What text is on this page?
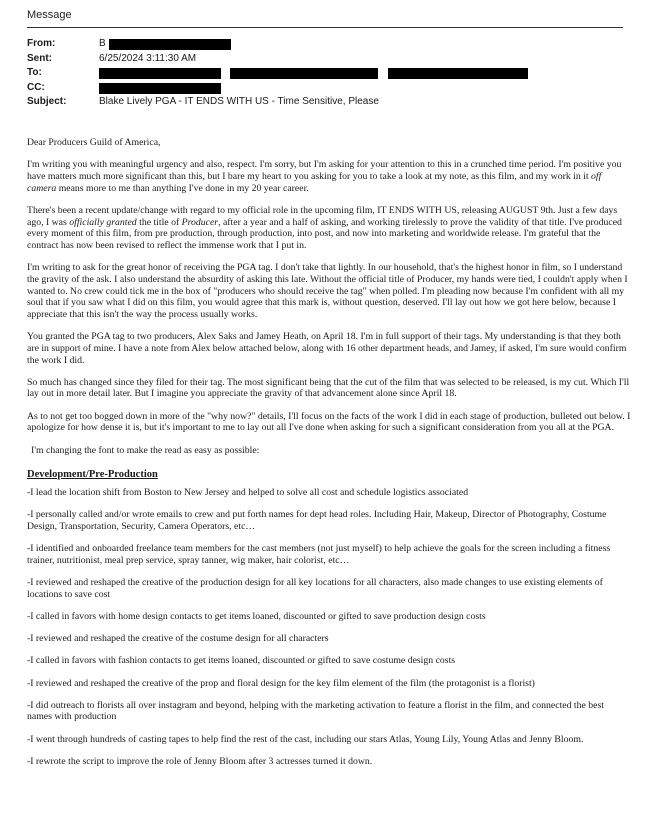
Message
From:	B
Sent:	6/25/2024 3:11:30 AM
To:
CC:
Subject:	Blake Lively PGA - IT ENDS WITH US - Time Sensitive, Please

Dear Producers Guild of America,

I'm writing you with meaningful urgency and also, respect. I'm sorry, but I'm asking for your attention to this in a crunched time period. I'm positive you have matters much more significant than this, but I bare my heart to you asking for you to take a look at my note, as this film, and my work in it off camera means more to me than anything I've done in my 20 year career.

There's been a recent update/change with regard to my official role in the upcoming film, IT ENDS WITH US, releasing AUGUST 9th. Just a few days ago, I was officially granted the title of Producer, after a year and a half of asking, and working tirelessly to prove the validity of that title. I've produced every moment of this film, from pre production, through production, into post, and now into marketing and worldwide release. I'm grateful that the contract has now been revised to reflect the immense work that I put in.

I'm writing to ask for the great honor of receiving the PGA tag. I don't take that lightly. In our household, that's the highest honor in film, so I understand the gravity of the ask. I also understand the absurdity of asking this late. Without the official title of Producer, my hands were tied, I couldn't apply when I wanted to. No crew could tick me in the box of "producers who should receive the tag" when polled. I'm pleading now because I'm confident with all my soul that if you saw what I did on this film, you would agree that this mark is, without question, deserved. I'll lay out how we got here below, because I appreciate that this isn't the way the process usually works.

You granted the PGA tag to two producers, Alex Saks and Jamey Heath, on April 18. I'm in full support of their tags. My understanding is that they both are in support of mine. I have a note from Alex below attached below, along with 16 other department heads, and Jamey, if asked, I'm sure would confirm the work I did.

So much has changed since they filed for their tag. The most significant being that the cut of the film that was selected to be released, is my cut. Which I'll lay out in more detail later. But I imagine you appreciate the gravity of that advancement alone since April 18.

As to not get too bogged down in more of the "why now?" details, I'll focus on the facts of the work I did in each stage of production, bulleted out below. I apologize for how dense it is, but it's important to me to lay out all I've done when asking for such a significant consideration from you all at the PGA.

I'm changing the font to make the read as easy as possible:

Development/Pre-Production

-I lead the location shift from Boston to New Jersey and helped to solve all cost and schedule logistics associated

-I personally called and/or wrote emails to crew and put forth names for dept head roles. Including Hair, Makeup, Director of Photography, Costume Design, Transportation, Security, Camera Operators, etc…

-I identified and onboarded freelance team members for the cast members (not just myself) to help achieve the goals for the screen including a fitness trainer, nutritionist, meal prep service, spray tanner, wig maker, hair colorist, etc…

-I reviewed and reshaped the creative of the production design for all key locations for all characters, also made changes to use existing elements of locations to save cost

-I called in favors with home design contacts to get items loaned, discounted or gifted to save production design costs

-I reviewed and reshaped the creative of the costume design for all characters

-I called in favors with fashion contacts to get items loaned, discounted or gifted to save costume design costs

-I reviewed and reshaped the creative of the prop and floral design for the key film element of the film (the protagonist is a florist)

-I did outreach to florists all over instagram and beyond, helping with the marketing activation to feature a florist in the film, and connected the best names with production

-I went through hundreds of casting tapes to help find the rest of the cast, including our stars Atlas, Young Lily, Young Atlas and Jenny Bloom.

-I rewrote the script to improve the role of Jenny Bloom after 3 actresses turned it down.
